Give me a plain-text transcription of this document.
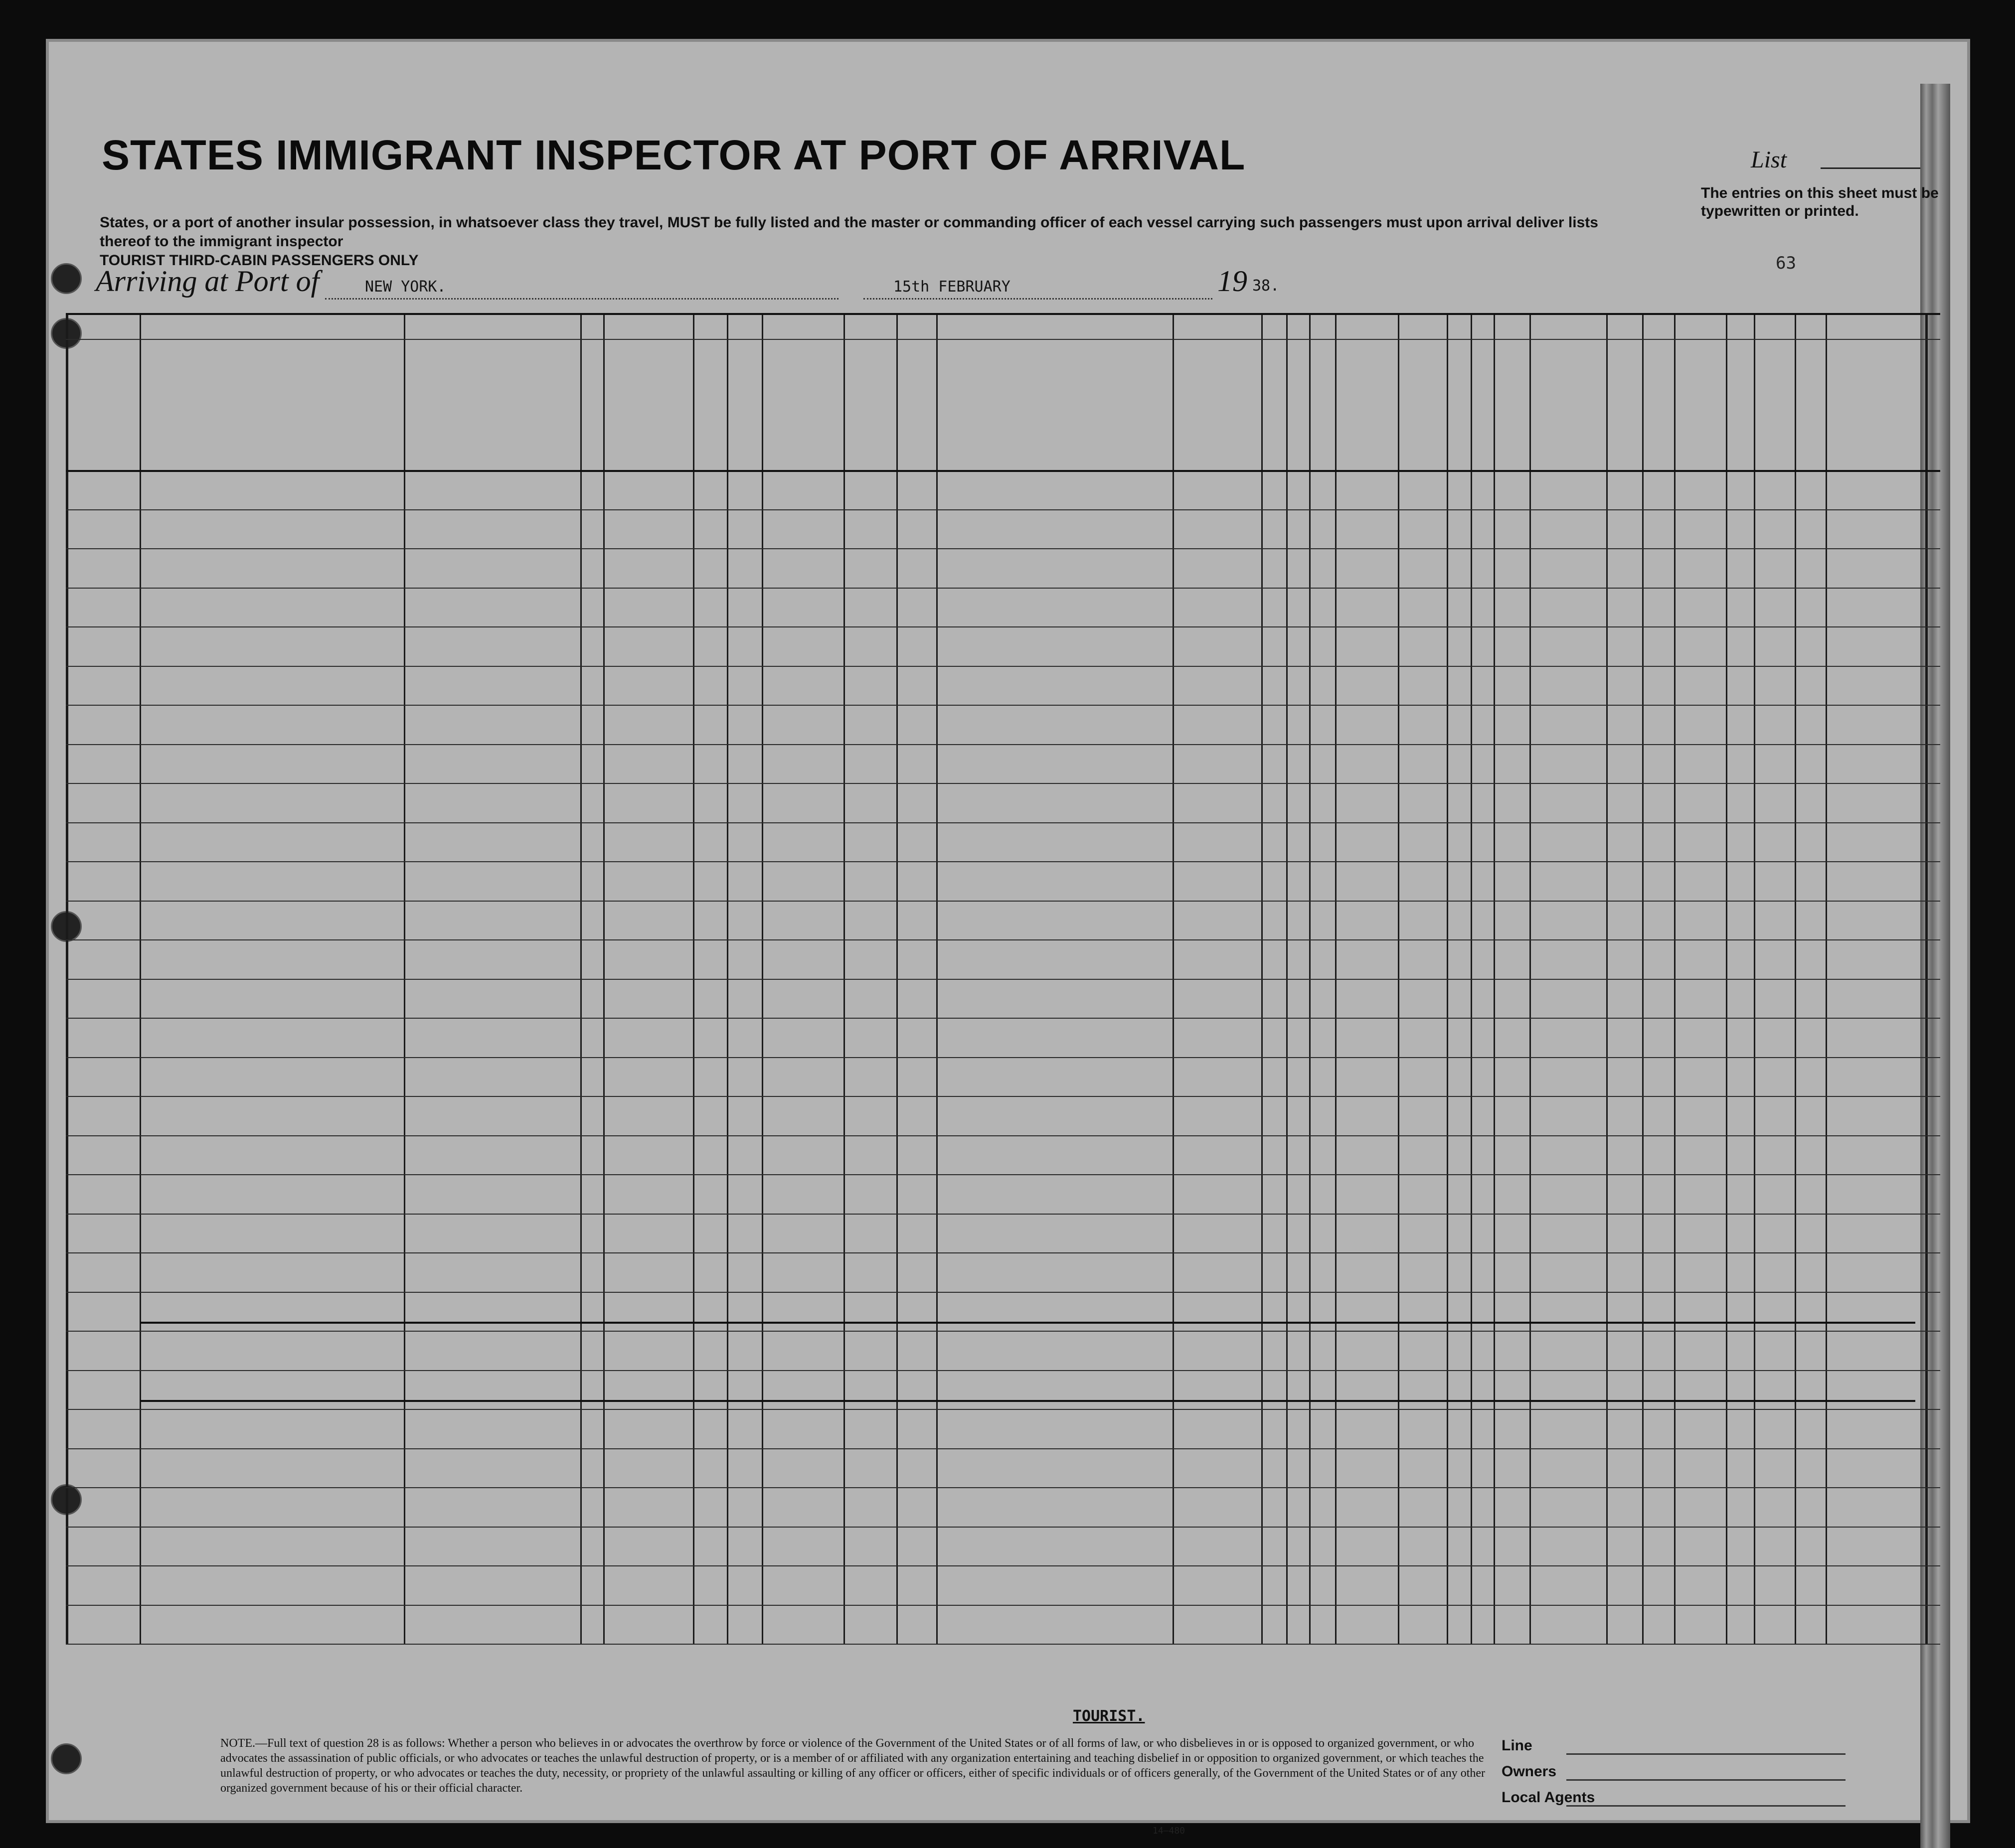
STATES IMMIGRANT INSPECTOR AT PORT OF ARRIVAL	List
The entries on this sheet must be typewritten or printed.
States, or a port of another insular possession, in whatsoever class they travel, MUST be fully listed and the master or commanding officer of each vessel carrying such passengers must upon arrival deliver lists thereof to the immigrant inspector
TOURIST THIRD-CABIN PASSENGERS ONLY
Arriving at Port of	NEW YORK.	15th FEBRUARY	19 38.
63
TOURIST.
NOTE.—Full text of question 28 is as follows: Whether a person who believes in or advocates the overthrow by force or violence of the Government of the United States or of all forms of law, or who disbelieves in or is opposed to organized government, or who advocates the assassination of public officials, or who advocates or teaches the unlawful destruction of property, or is a member of or affiliated with any organization entertaining and teaching disbelief in or opposition to organized government, or which teaches the unlawful destruction of property, or who advocates or teaches the duty, necessity, or propriety of the unlawful assaulting or killing of any officer or officers, either of specific individuals or of officers generally, of the Government of the United States or of any other organized government because of his or their official character.
14—480
Line
Owners
Local Agents
